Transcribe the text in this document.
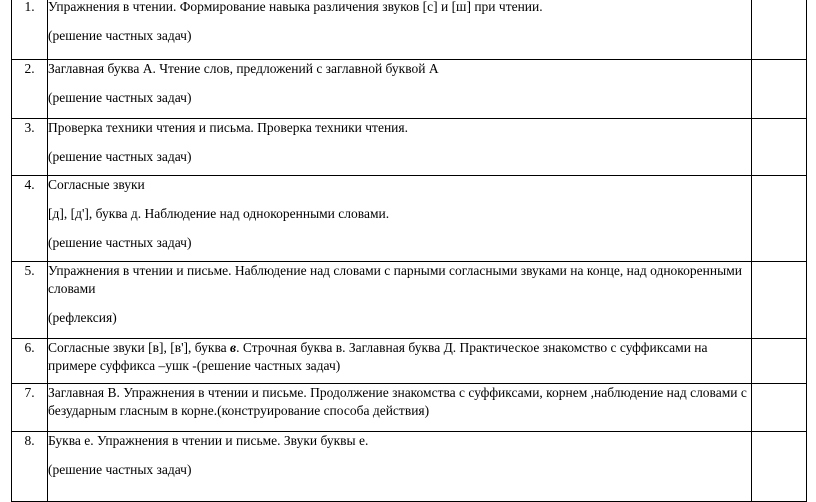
1.	Упражнения в чтении. Формирование навыка различения звуков [с] и [ш] при чтении.
(решение частных задач)	

2.	Заглавная буква А. Чтение слов, предложений с заглавной буквой А
(решение частных задач)	

3.	Проверка техники чтения и письма. Проверка техники чтения.
(решение частных задач)	

4.	Согласные звуки
[д], [д'], буква д. Наблюдение над однокоренными словами.
(решение частных задач)	

5.	Упражнения в чтении и письме. Наблюдение над словами с парными согласными звуками на конце, над однокоренными словами
(рефлексия)	

6.	Согласные звуки [в], [в'], буква в. Строчная буква в. Заглавная буква Д. Практическое знакомство с суффиксами на примере суффикса –ушк -(решение частных задач)	
7.	Заглавная В. Упражнения в чтении и письме. Продолжение знакомства с суффиксами, корнем ,наблюдение над словами с безударным гласным в корне.(конструирование способа действия)	

8.	Буква е. Упражнения в чтении и письме. Звуки буквы е.
(решение частных задач)	
